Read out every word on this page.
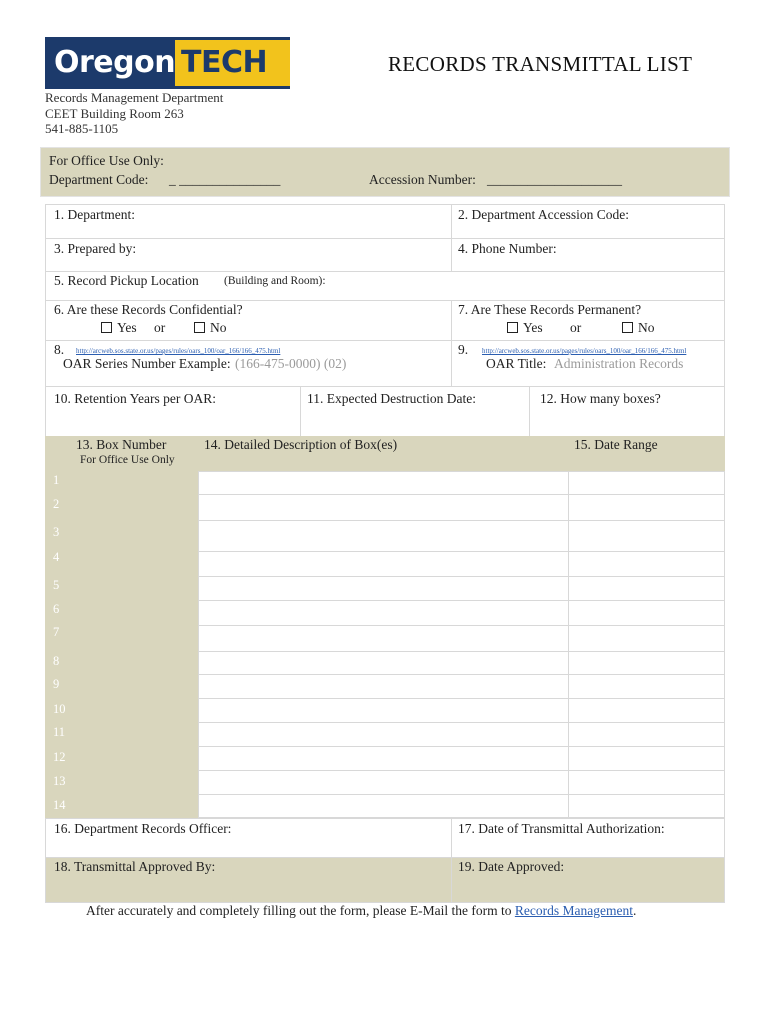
Oregon TECH	RECORDS TRANSMITTAL LIST
Records Management Department
CEET Building Room 263
541-885-1105
For Office Use Only:
Department Code: _ _______________	Accession Number: ____________________
1. Department:	2. Department Accession Code:
3. Prepared by:	4. Phone Number:
5. Record Pickup Location (Building and Room):
6. Are these Records Confidential?
Yes or	No
7. Are These Records Permanent?
Yes or	No
8. http://arcweb.sos.state.or.us/pages/rules/oars_100/oar_166/166_475.html
OAR Series Number Example: (166-475-0000) (02)
9. http://arcweb.sos.state.or.us/pages/rules/oars_100/oar_166/166_475.html
OAR Title: Administration Records
10. Retention Years per OAR:	11. Expected Destruction Date:	12. How many boxes?
13. Box Number
For Office Use Only
14. Detailed Description of Box(es)	15. Date Range
1
2
3
4
5
6
7
8
9
10
11
12
13
14
16. Department Records Officer:	17. Date of Transmittal Authorization:
18. Transmittal Approved By:	19. Date Approved:
After accurately and completely filling out the form, please E-Mail the form to Records Management.
